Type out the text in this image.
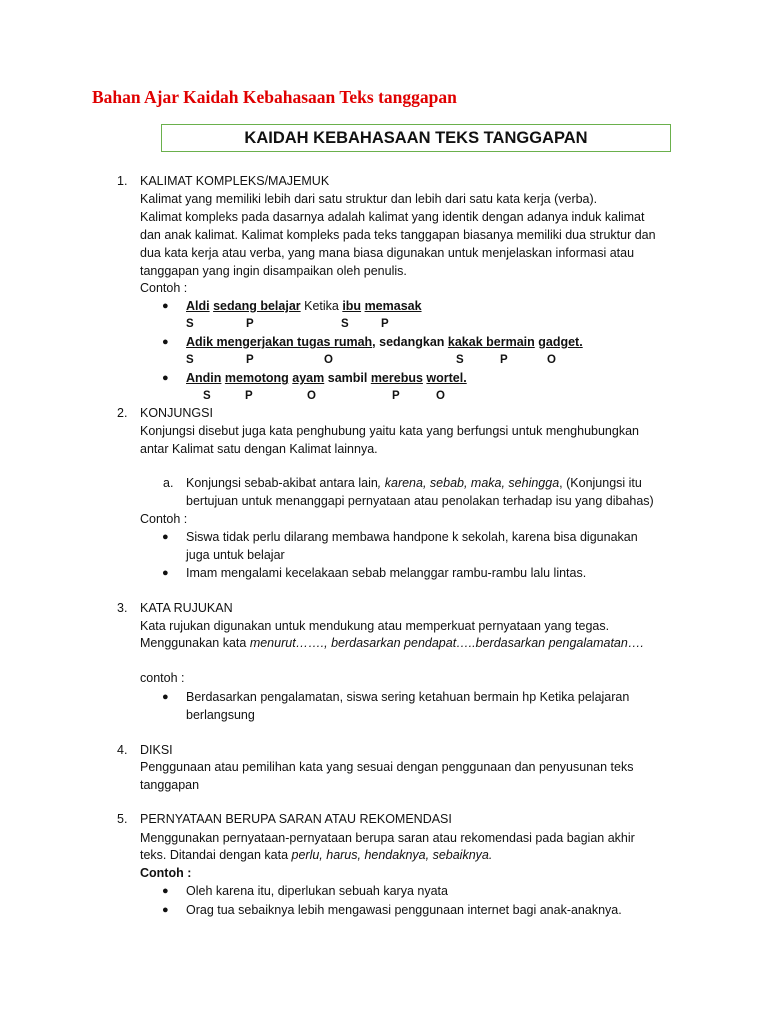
Bahan Ajar Kaidah Kebahasaan Teks tanggapan
KAIDAH KEBAHASAAN TEKS TANGGAPAN
1. KALIMAT KOMPLEKS/MAJEMUK
Kalimat yang memiliki lebih dari satu struktur dan lebih dari satu kata kerja (verba).
Kalimat kompleks pada dasarnya adalah kalimat yang identik dengan adanya induk kalimat
dan anak kalimat. Kalimat kompleks pada teks tanggapan biasanya memiliki dua struktur dan
dua kata kerja atau verba, yang mana biasa digunakan untuk menjelaskan informasi atau
tanggapan yang ingin disampaikan oleh penulis.
Contoh :
● Aldi sedang belajar Ketika ibu memasak
S	P	S	P
● Adik mengerjakan tugas rumah, sedangkan kakak bermain gadget.
S	P	O	S	P	O
● Andin memotong ayam sambil merebus wortel.
S	P	O	P	O
2. KONJUNGSI
Konjungsi disebut juga kata penghubung yaitu kata yang berfungsi untuk menghubungkan
antar Kalimat satu dengan Kalimat lainnya.
a. Konjungsi sebab-akibat antara lain, karena, sebab, maka, sehingga, (Konjungsi itu
bertujuan untuk menanggapi pernyataan atau penolakan terhadap isu yang dibahas)
Contoh :
● Siswa tidak perlu dilarang membawa handpone k sekolah, karena bisa digunakan
juga untuk belajar
● Imam mengalami kecelakaan sebab melanggar rambu-rambu lalu lintas.
3. KATA RUJUKAN
Kata rujukan digunakan untuk mendukung atau memperkuat pernyataan yang tegas.
Menggunakan kata menurut……., berdasarkan pendapat…..berdasarkan pengalamatan….
contoh :
● Berdasarkan pengalamatan, siswa sering ketahuan bermain hp Ketika pelajaran
berlangsung
4. DIKSI
Penggunaan atau pemilihan kata yang sesuai dengan penggunaan dan penyusunan teks
tanggapan
5. PERNYATAAN BERUPA SARAN ATAU REKOMENDASI
Menggunakan pernyataan-pernyataan berupa saran atau rekomendasi pada bagian akhir
teks. Ditandai dengan kata perlu, harus, hendaknya, sebaiknya.
Contoh :
● Oleh karena itu, diperlukan sebuah karya nyata
● Orag tua sebaiknya lebih mengawasi penggunaan internet bagi anak-anaknya.
